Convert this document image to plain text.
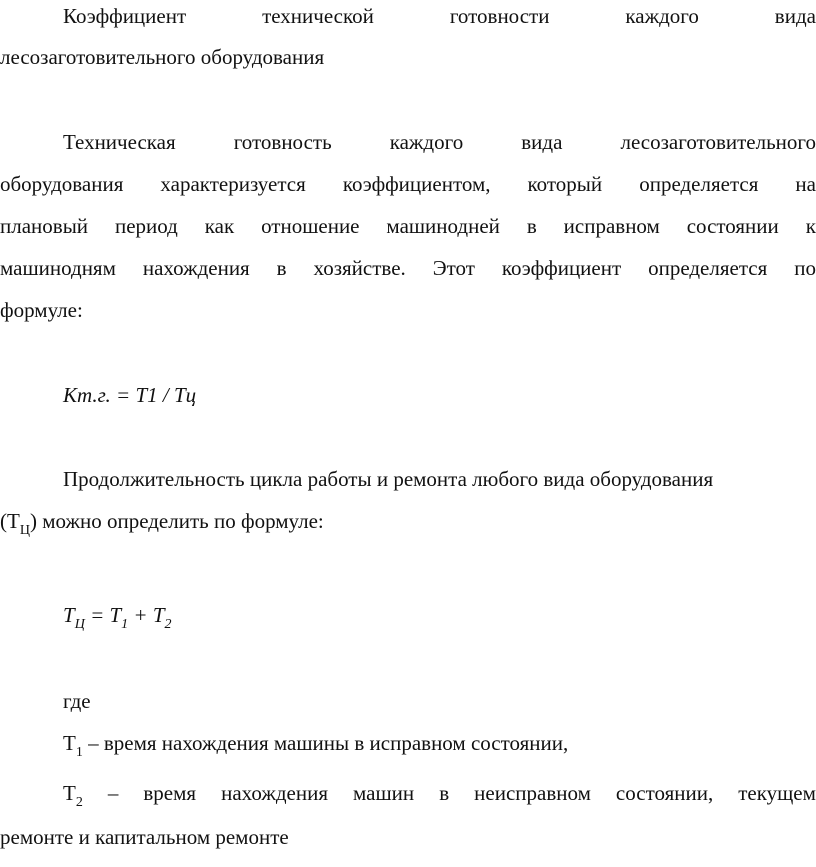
Коэффициент	технической	готовности	каждого	вида
лесозаготовительного оборудования
Техническая	готовность	каждого	вида	лесозаготовительного
оборудования характеризуется коэффициентом, который определяется на
плановый период как отношение машинодней в исправном состоянии к
машинодням нахождения в хозяйстве. Этот коэффициент определяется по
формуле:
Кт.г. = Т1 / Тц
Продолжительность цикла работы и ремонта любого вида оборудования
$(Т_Ц)$ можно определить по формуле:
$Т_Ц = Т_1 + Т_2$
где
$Т_1$ – время нахождения машины в исправном состоянии,
$Т_2$ – время нахождения машин в неисправном состоянии, текущем
ремонте и капитальном ремонте
